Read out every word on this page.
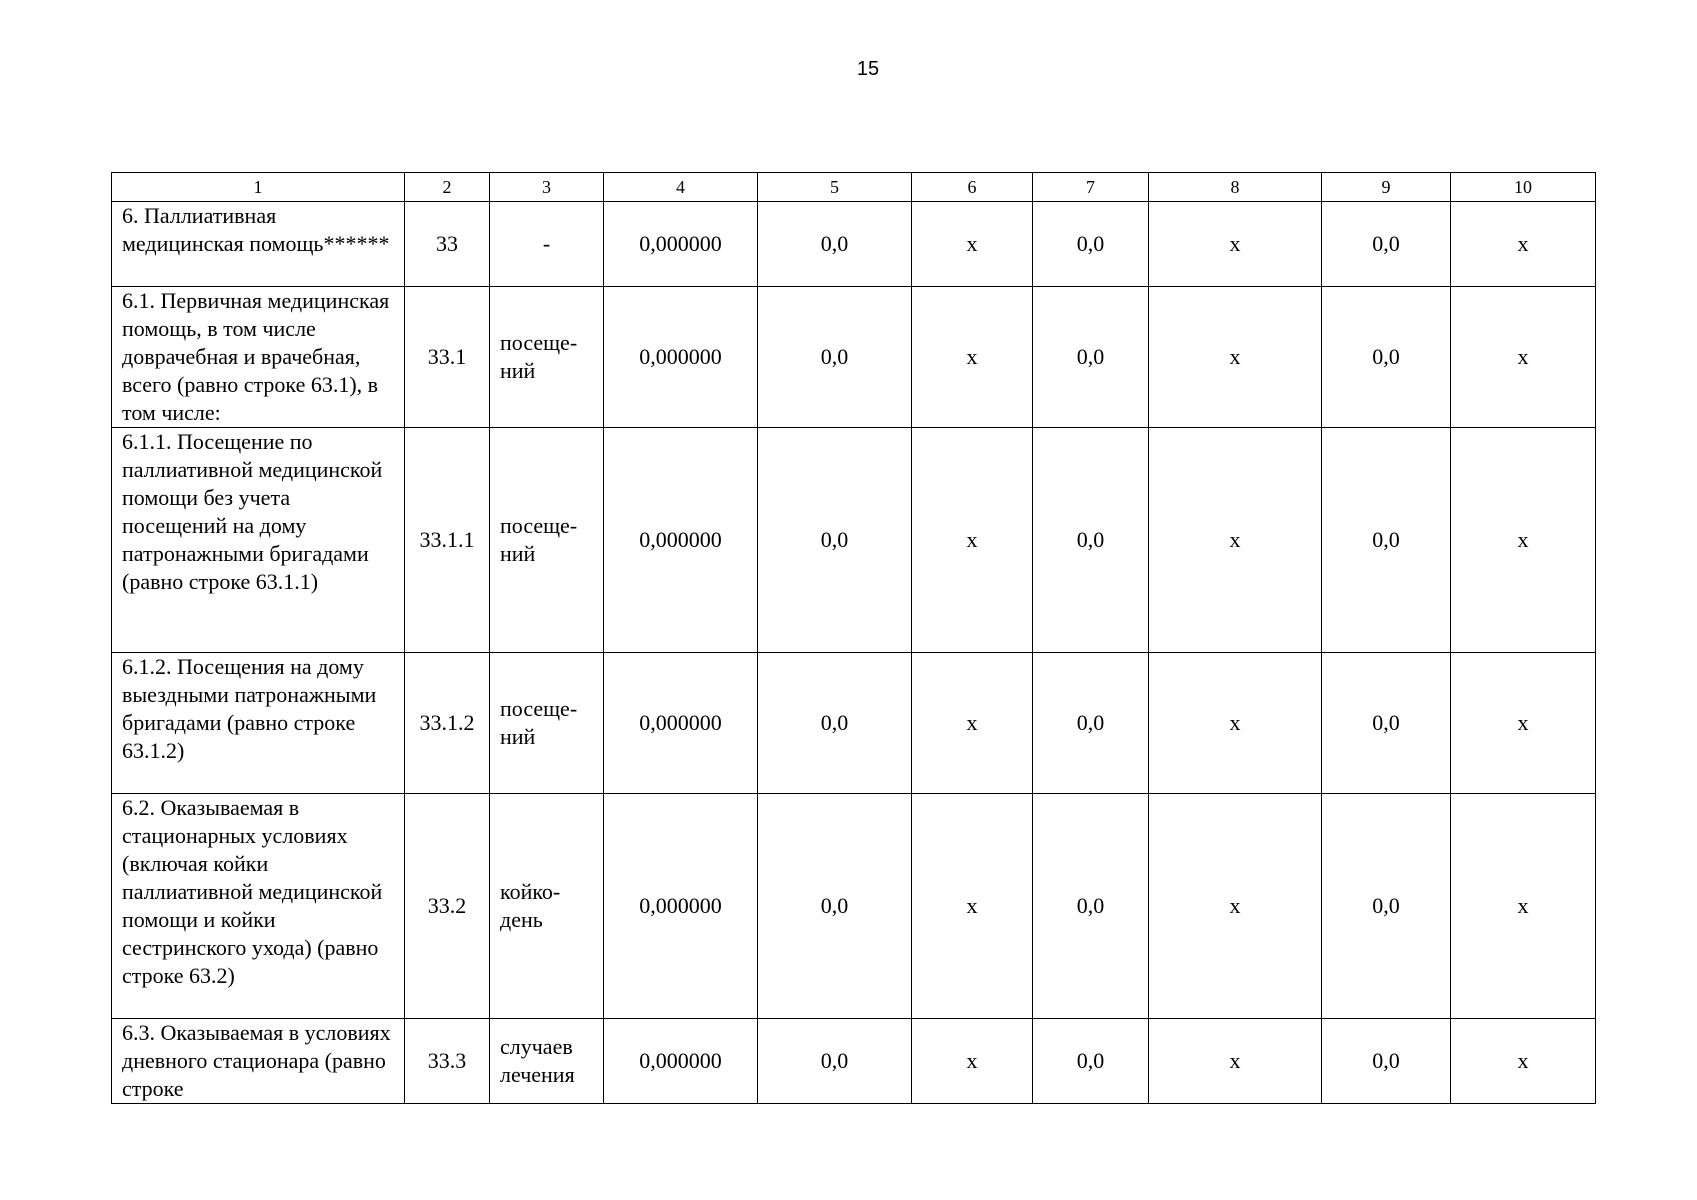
15
1	2	3	4	5	6	7	8	9	10
6. Паллиативная медицинская помощь******	33	-	0,000000	0,0	х	0,0	х	0,0	х
6.1. Первичная медицинская помощь, в том числе доврачебная и врачебная, всего (равно строке 63.1), в том числе:	33.1	посеще-ний	0,000000	0,0	х	0,0	х	0,0	х
6.1.1. Посещение по паллиативной медицинской помощи без учета посещений на дому патронажными бригадами (равно строке 63.1.1)	33.1.1	посеще-ний	0,000000	0,0	х	0,0	х	0,0	х
6.1.2. Посещения на дому выездными патронажными бригадами (равно строке 63.1.2)	33.1.2	посеще-ний	0,000000	0,0	х	0,0	х	0,0	х
6.2. Оказываемая в стационарных условиях (включая койки паллиативной медицинской помощи и койки сестринского ухода) (равно строке 63.2)	33.2	койко-день	0,000000	0,0	х	0,0	х	0,0	х
6.3. Оказываемая в условиях дневного стационара (равно строке	33.3	случаев лечения	0,000000	0,0	х	0,0	х	0,0	х
